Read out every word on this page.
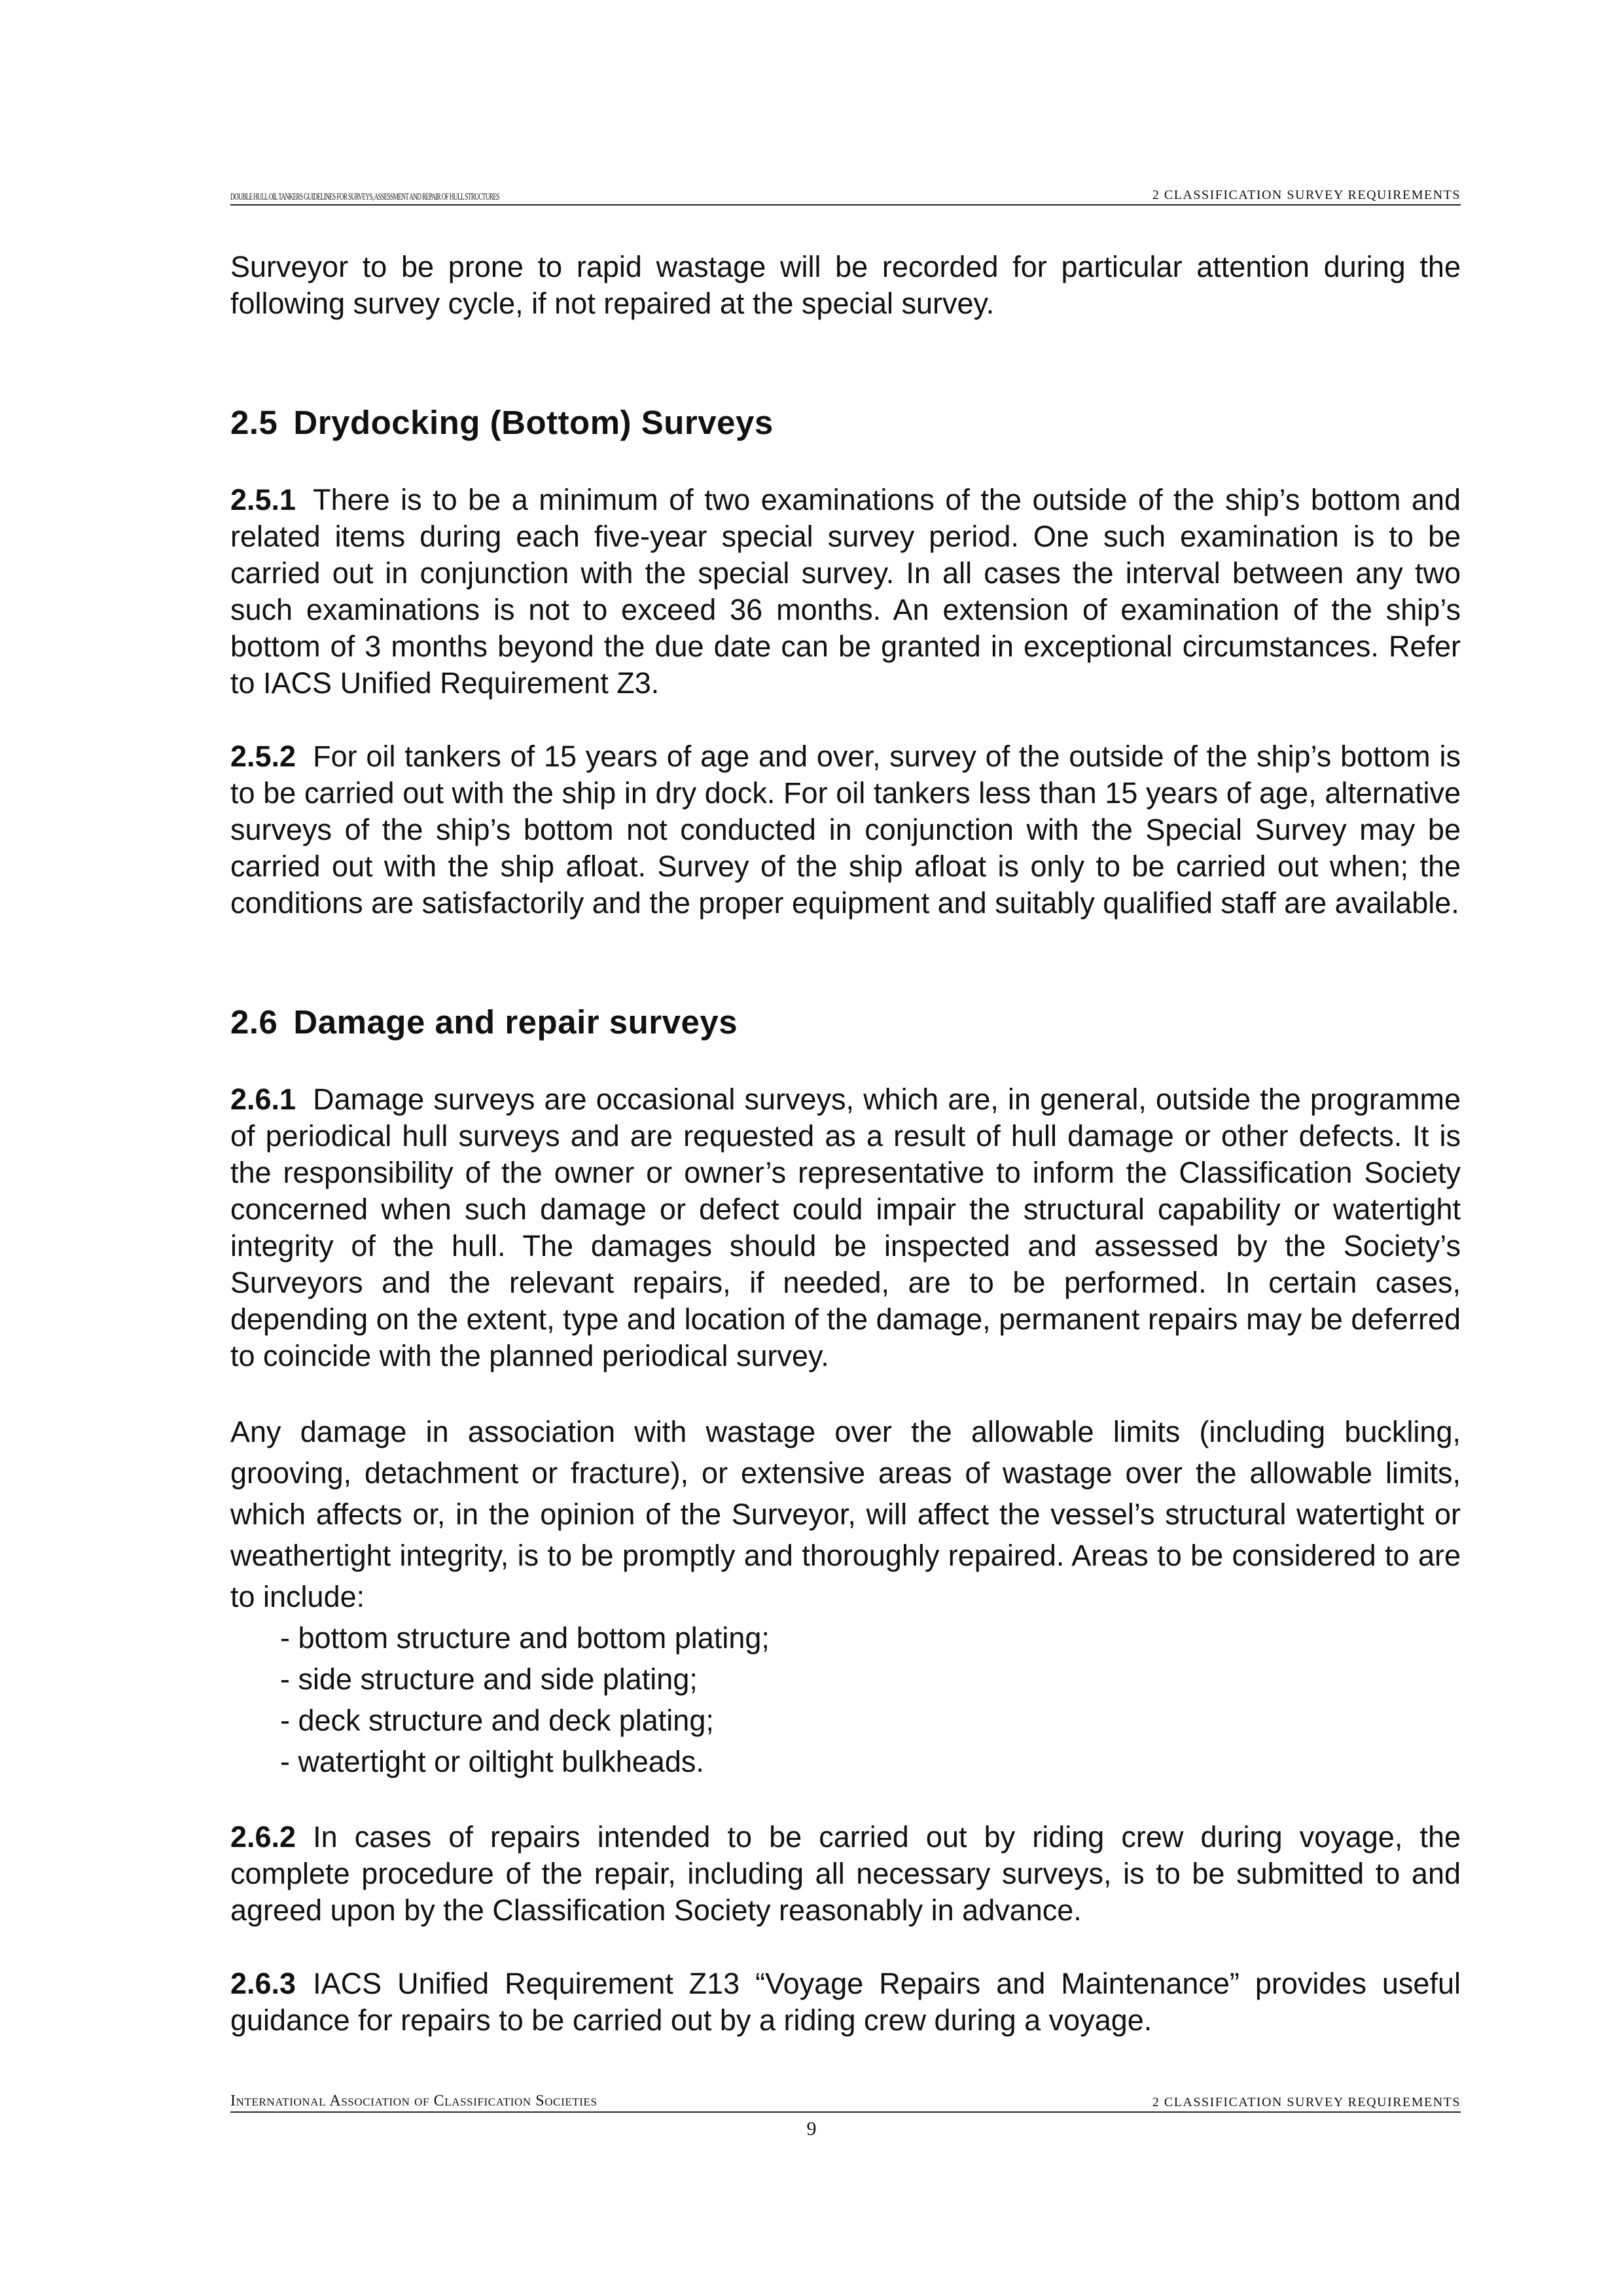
DOUBLE HULL OIL TANKERS GUIDELINES FOR SURVEYS, ASSESSMENT AND REPAIR OF HULL STRUCTURES	2 CLASSIFICATION SURVEY REQUIREMENTS

Surveyor to be prone to rapid wastage will be recorded for particular attention during the following survey cycle, if not repaired at the special survey.

2.5 Drydocking (Bottom) Surveys

2.5.1 There is to be a minimum of two examinations of the outside of the ship’s bottom and related items during each five-year special survey period. One such examination is to be carried out in conjunction with the special survey. In all cases the interval between any two such examinations is not to exceed 36 months. An extension of examination of the ship’s bottom of 3 months beyond the due date can be granted in exceptional circumstances. Refer to IACS Unified Requirement Z3.

2.5.2 For oil tankers of 15 years of age and over, survey of the outside of the ship’s bottom is to be carried out with the ship in dry dock. For oil tankers less than 15 years of age, alternative surveys of the ship’s bottom not conducted in conjunction with the Special Survey may be carried out with the ship afloat. Survey of the ship afloat is only to be carried out when; the conditions are satisfactorily and the proper equipment and suitably qualified staff are available.

2.6 Damage and repair surveys

2.6.1 Damage surveys are occasional surveys, which are, in general, outside the programme of periodical hull surveys and are requested as a result of hull damage or other defects. It is the responsibility of the owner or owner’s representative to inform the Classification Society concerned when such damage or defect could impair the structural capability or watertight integrity of the hull. The damages should be inspected and assessed by the Society’s Surveyors and the relevant repairs, if needed, are to be performed. In certain cases, depending on the extent, type and location of the damage, permanent repairs may be deferred to coincide with the planned periodical survey.

Any damage in association with wastage over the allowable limits (including buckling, grooving, detachment or fracture), or extensive areas of wastage over the allowable limits, which affects or, in the opinion of the Surveyor, will affect the vessel’s structural watertight or weathertight integrity, is to be promptly and thoroughly repaired. Areas to be considered to are to include:

- bottom structure and bottom plating;
- side structure and side plating;
- deck structure and deck plating;
- watertight or oiltight bulkheads.

2.6.2 In cases of repairs intended to be carried out by riding crew during voyage, the complete procedure of the repair, including all necessary surveys, is to be submitted to and agreed upon by the Classification Society reasonably in advance.

2.6.3 IACS Unified Requirement Z13 “Voyage Repairs and Maintenance” provides useful guidance for repairs to be carried out by a riding crew during a voyage.

International Association of Classification Societies	2 CLASSIFICATION SURVEY REQUIREMENTS
9
